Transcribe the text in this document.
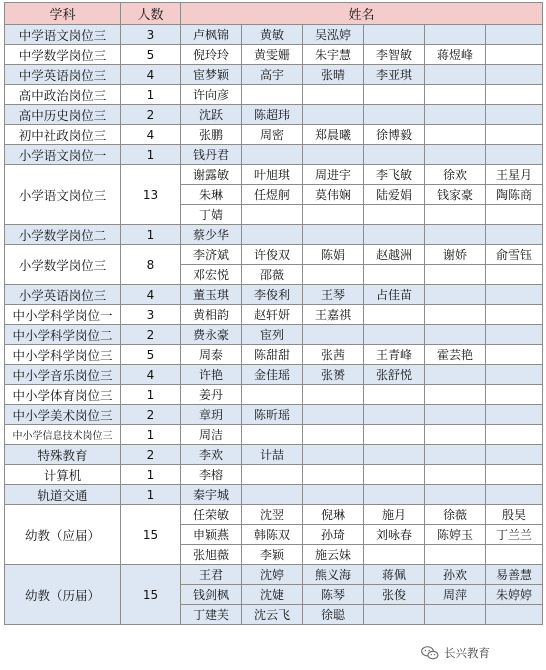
学科	人数	姓名					
中学语文岗位三	3	卢枫锦	黄敏	吴泓婷			
中学数学岗位三	5	倪玲玲	黄雯姗	朱宇慧	李智敏	蒋煜峰	
中学英语岗位三	4	宦梦颖	高宇	张晴	李亚琪		
高中政治岗位三	1	许向彦					
高中历史岗位三	2	沈跃	陈超玮				
初中社政岗位三	4	张鹏	周密	郑晨曦	徐博毅		
小学语文岗位一	1	钱丹君					
小学语文岗位三	13	谢露敏	叶旭琪	周进宇	李飞敏	徐欢	王星月
		朱琳	任煜舸	莫伟娴	陆爱娟	钱家豪	陶陈商
		丁婧					
小学数学岗位二	1	蔡少华					
小学数学岗位三	8	李济斌	许俊双	陈娟	赵越洲	谢娇	俞雪钰
		邓宏悦	邵薇				
小学英语岗位三	4	董玉琪	李俊利	王琴	占佳苗		
中小学科学岗位一	3	黄相韵	赵轩妍	王嘉祺			
中小学科学岗位二	2	费永豪	宦列				
中小学科学岗位三	5	周泰	陈甜甜	张茜	王青峰	霍芸艳	
中小学音乐岗位三	4	许艳	金佳瑶	张赟	张舒悦		
中小学体育岗位三	1	姜丹					
中小学美术岗位三	2	章玥	陈昕瑶				
中小学信息技术岗位三	1	周洁					
特殊教育	2	李欢	计喆				
计算机	1	李榕					
轨道交通	1	秦宇城					
幼教（应届）	15	任荣敏	沈翌	倪琳	施月	徐薇	殷昊
		申颖燕	韩陈双	孙琦	刘咏春	陈婷玉	丁兰兰
		张旭薇	李颖	施云妹			
幼教（历届）	15	王君	沈婷	熊义海	蒋佩	孙欢	易善慧
		钱剑枫	沈婕	陈琴	张俊	周萍	朱婷婷
		丁建芙	沈云飞	徐聪			
长兴教育
